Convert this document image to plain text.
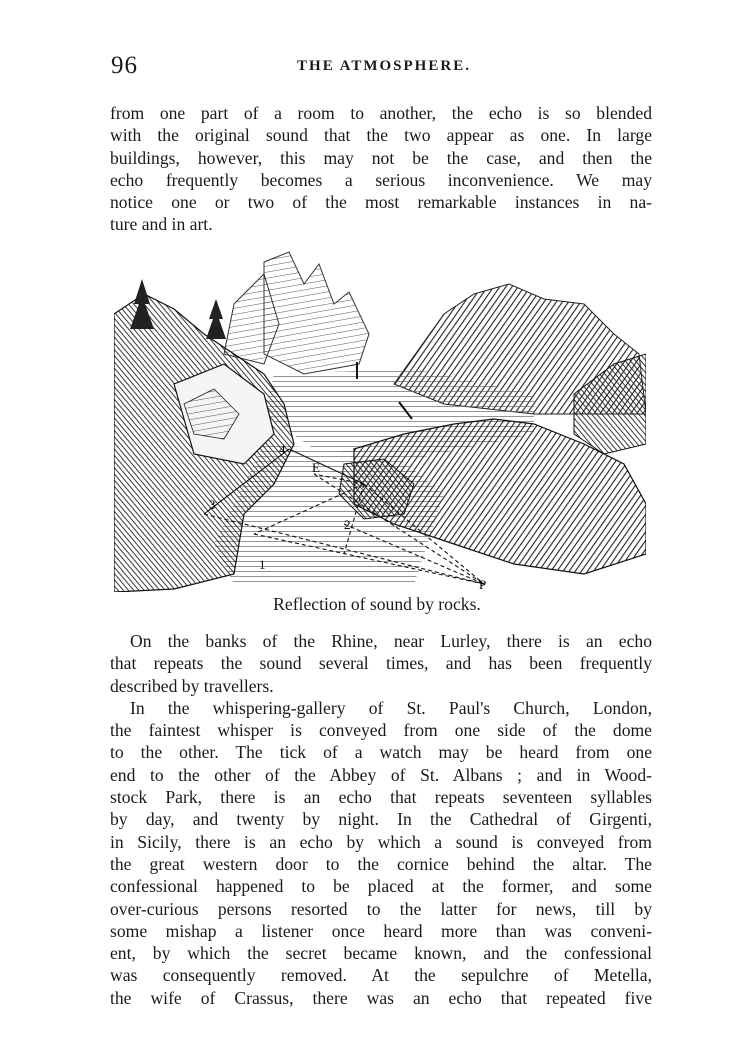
96	THE ATMOSPHERE.
from one part of a room to another, the echo is so blended
with the original sound that the two appear as one. In large
buildings, however, this may not be the case, and then the
echo frequently becomes a serious inconvenience. We may
notice one or two of the most remarkable instances in na-
ture and in art.
E
2
1
3
4
P
Reflection of sound by rocks.
On the banks of the Rhine, near Lurley, there is an echo
that repeats the sound several times, and has been frequently
described by travellers.
In the whispering-gallery of St. Paul's Church, London,
the faintest whisper is conveyed from one side of the dome
to the other. The tick of a watch may be heard from one
end to the other of the Abbey of St. Albans ; and in Wood-
stock Park, there is an echo that repeats seventeen syllables
by day, and twenty by night. In the Cathedral of Girgenti,
in Sicily, there is an echo by which a sound is conveyed from
the great western door to the cornice behind the altar. The
confessional happened to be placed at the former, and some
over-curious persons resorted to the latter for news, till by
some mishap a listener once heard more than was conveni-
ent, by which the secret became known, and the confessional
was consequently removed. At the sepulchre of Metella,
the wife of Crassus, there was an echo that repeated five
